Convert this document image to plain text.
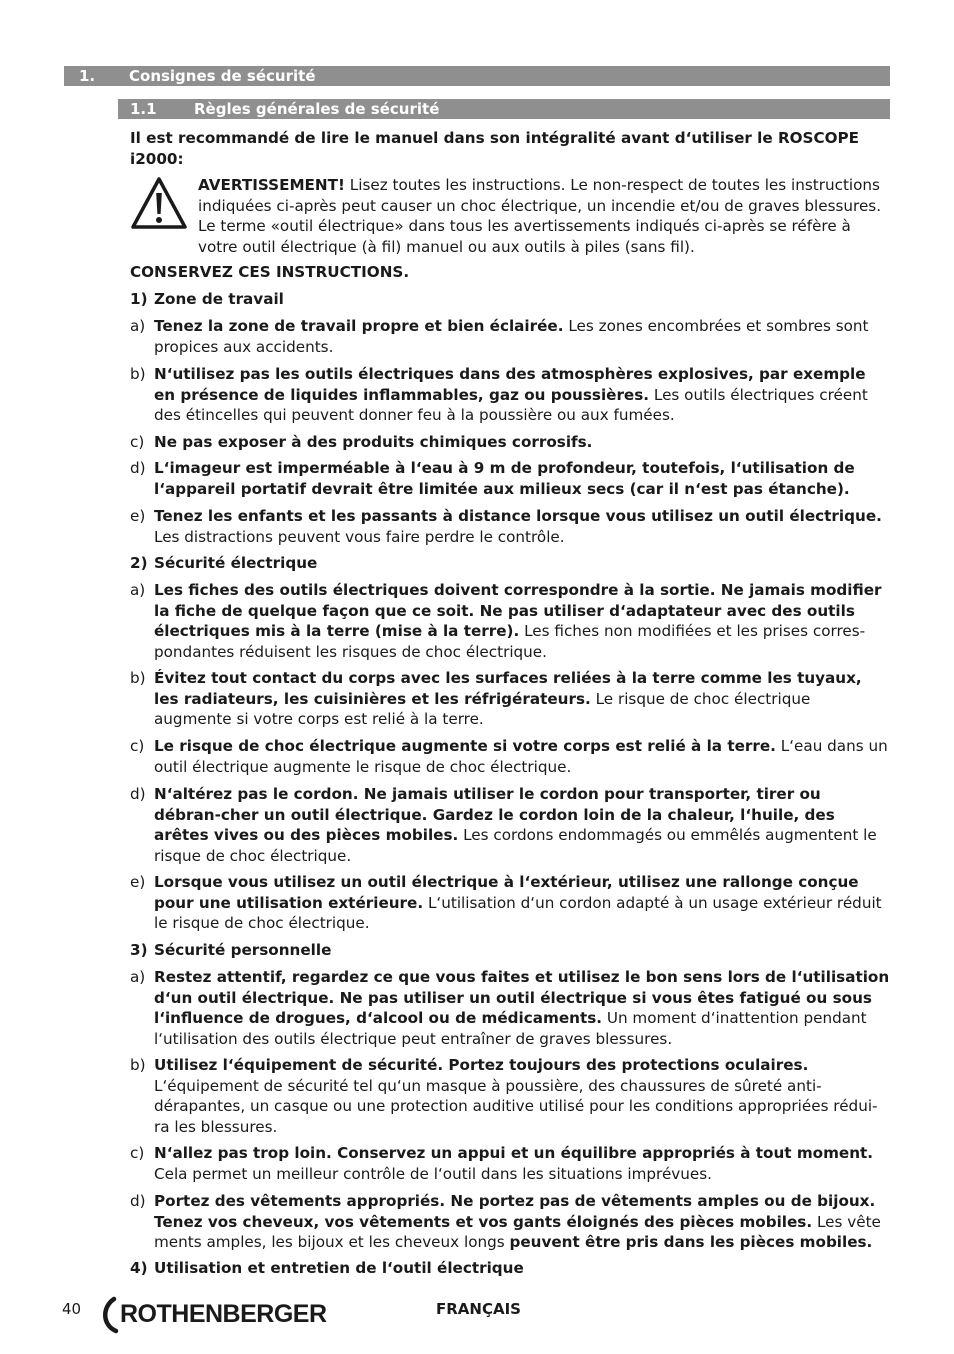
1. Consignes de sécurité
1.1 Règles générales de sécurité
Il est recommandé de lire le manuel dans son intégralité avant d‘utiliser le ROSCOPE i2000:
AVERTISSEMENT! Lisez toutes les instructions. Le non-respect de toutes les instructions indiquées ci-après peut causer un choc électrique, un incendie et/ou de graves blessures. Le terme «outil électrique» dans tous les avertissements indiqués ci-après se réfère à votre outil électrique (à fil) manuel ou aux outils à piles (sans fil).
CONSERVEZ CES INSTRUCTIONS.
1) Zone de travail
a) Tenez la zone de travail propre et bien éclairée. Les zones encombrées et sombres sont propices aux accidents.
b) N‘utilisez pas les outils électriques dans des atmosphères explosives, par exemple en présence de liquides inflammables, gaz ou poussières. Les outils électriques créent des étincelles qui peuvent donner feu à la poussière ou aux fumées.
c) Ne pas exposer à des produits chimiques corrosifs.
d) L‘imageur est imperméable à l‘eau à 9 m de profondeur, toutefois, l‘utilisation de l‘appareil portatif devrait être limitée aux milieux secs (car il n‘est pas étanche).
e) Tenez les enfants et les passants à distance lorsque vous utilisez un outil électrique. Les distractions peuvent vous faire perdre le contrôle.
2) Sécurité électrique
a) Les fiches des outils électriques doivent correspondre à la sortie. Ne jamais modifier la fiche de quelque façon que ce soit. Ne pas utiliser d‘adaptateur avec des outils électriques mis à la terre (mise à la terre). Les fiches non modifiées et les prises corres-pondantes réduisent les risques de choc électrique.
b) Évitez tout contact du corps avec les surfaces reliées à la terre comme les tuyaux, les radiateurs, les cuisinières et les réfrigérateurs. Le risque de choc électrique augmente si votre corps est relié à la terre.
c) Le risque de choc électrique augmente si votre corps est relié à la terre. L‘eau dans un outil électrique augmente le risque de choc électrique.
d) N‘altérez pas le cordon. Ne jamais utiliser le cordon pour transporter, tirer ou débran-cher un outil électrique. Gardez le cordon loin de la chaleur, l‘huile, des arêtes vives ou des pièces mobiles. Les cordons endommagés ou emmêlés augmentent le risque de choc électrique.
e) Lorsque vous utilisez un outil électrique à l‘extérieur, utilisez une rallonge conçue pour une utilisation extérieure. L‘utilisation d‘un cordon adapté à un usage extérieur réduit le risque de choc électrique.
3) Sécurité personnelle
a) Restez attentif, regardez ce que vous faites et utilisez le bon sens lors de l‘utilisation d‘un outil électrique. Ne pas utiliser un outil électrique si vous êtes fatigué ou sous l‘influence de drogues, d‘alcool ou de médicaments. Un moment d‘inattention pendant l‘utilisation des outils électrique peut entraîner de graves blessures.
b) Utilisez l‘équipement de sécurité. Portez toujours des protections oculaires. L‘équipement de sécurité tel qu‘un masque à poussière, des chaussures de sûreté anti-dérapantes, un casque ou une protection auditive utilisé pour les conditions appropriées rédui-ra les blessures.
c) N‘allez pas trop loin. Conservez un appui et un équilibre appropriés à tout moment. Cela permet un meilleur contrôle de l‘outil dans les situations imprévues.
d) Portez des vêtements appropriés. Ne portez pas de vêtements amples ou de bijoux. Tenez vos cheveux, vos vêtements et vos gants éloignés des pièces mobiles. Les vête ments amples, les bijoux et les cheveux longs peuvent être pris dans les pièces mobiles.
4) Utilisation et entretien de l‘outil électrique
40 ROTHENBERGER	FRANÇAIS
